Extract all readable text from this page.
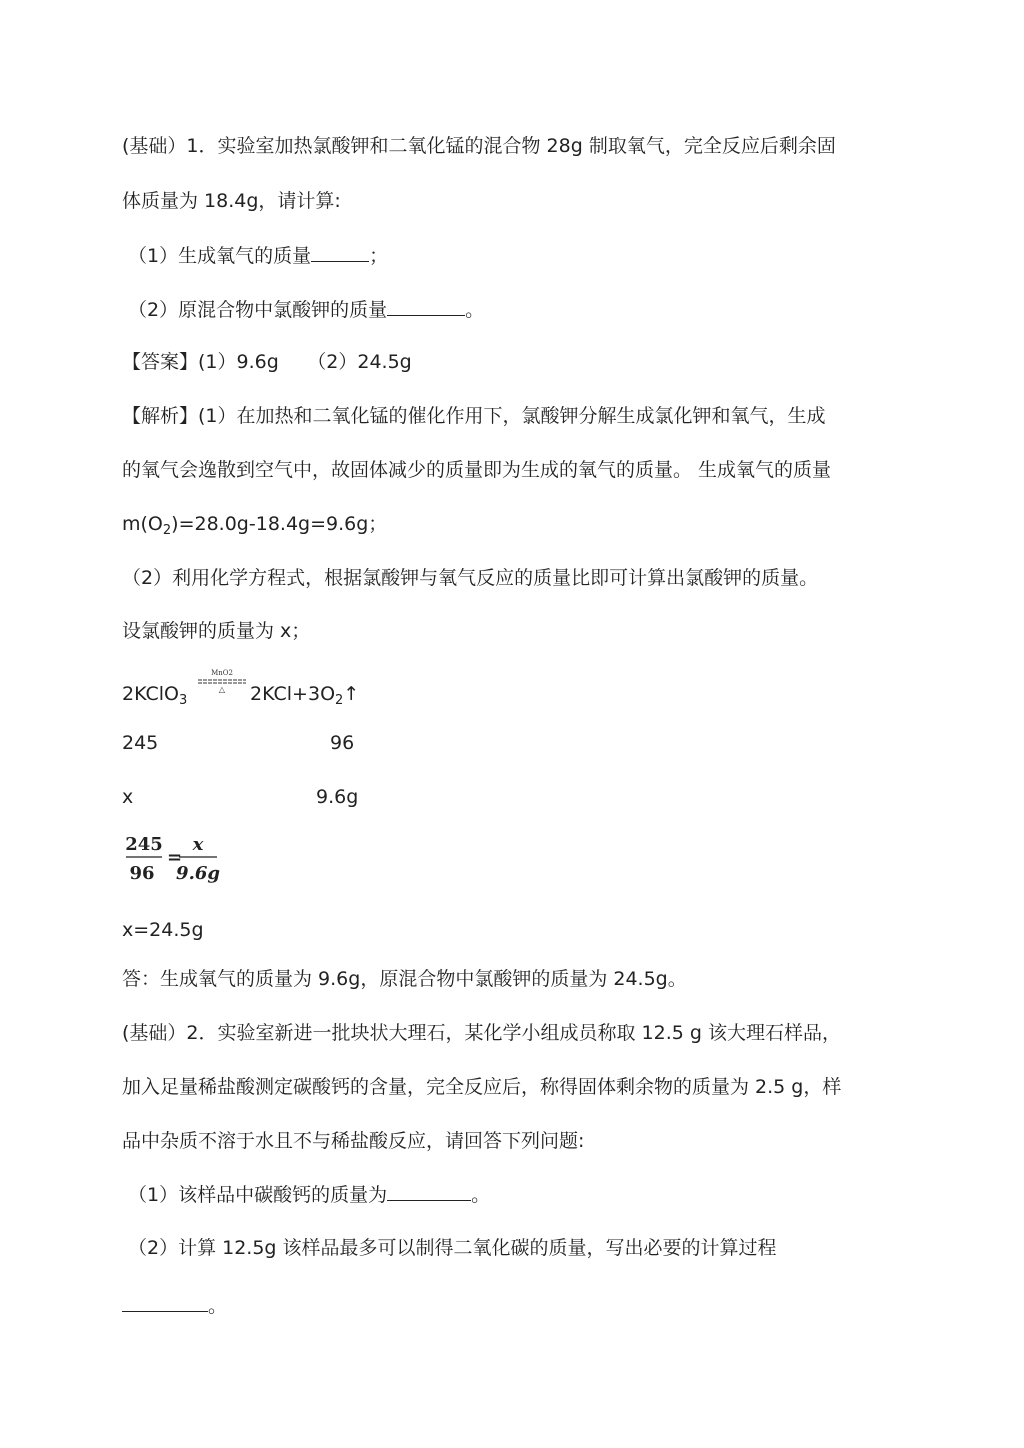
(基础）1．实验室加热氯酸钾和二氧化锰的混合物 28g 制取氧气，完全反应后剩余固
体质量为 18.4g，请计算:
（1）生成氧气的质量	；
（2）原混合物中氯酸钾的质量	。
【答案】(1）9.6g　　（2）24.5g
【解析】(1）在加热和二氧化锰的催化作用下，氯酸钾分解生成氯化钾和氧气，生成
的氧气会逸散到空气中，故固体减少的质量即为生成的氧气的质量。 生成氧气的质量
$m(O_2)=28.0g-18.4g=9.6g$；
（2）利用化学方程式，根据氯酸钾与氧气反应的质量比即可计算出氯酸钾的质量。
设氯酸钾的质量为 x；
2KClO$_3$
MnO2
△ $2KCl+3O_2↑$
245	96
x	9.6g
245
96
=
x
9.6g
x=24.5g
答：生成氧气的质量为 9.6g，原混合物中氯酸钾的质量为 24.5g。
(基础）2．实验室新进一批块状大理石，某化学小组成员称取 12.5 g 该大理石样品，
加入足量稀盐酸测定碳酸钙的含量，完全反应后，称得固体剩余物的质量为 2.5 g，样
品中杂质不溶于水且不与稀盐酸反应，请回答下列问题:
（1）该样品中碳酸钙的质量为	。
（2）计算 12.5g 该样品最多可以制得二氧化碳的质量，写出必要的计算过程
。
